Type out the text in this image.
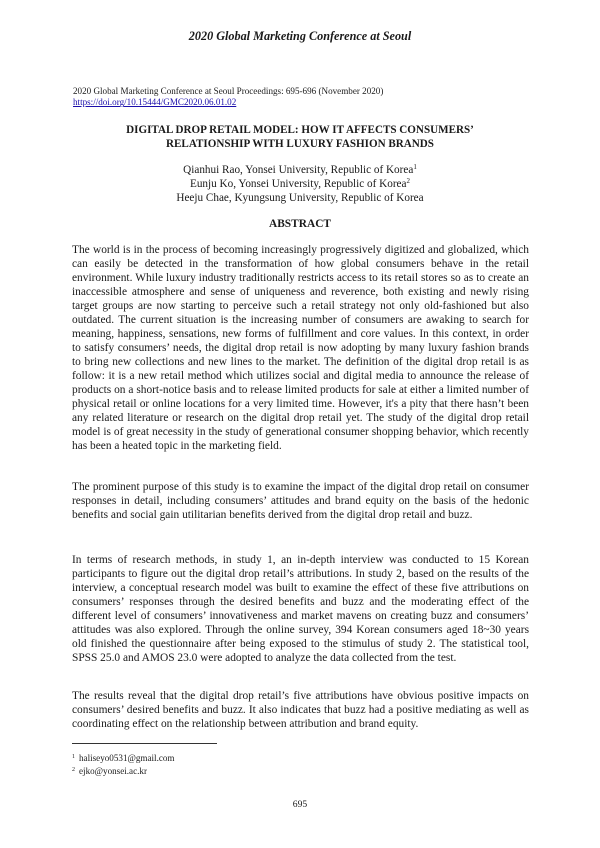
2020 Global Marketing Conference at Seoul
2020 Global Marketing Conference at Seoul Proceedings: 695-696 (November 2020)
https://doi.org/10.15444/GMC2020.06.01.02
DIGITAL DROP RETAIL MODEL: HOW IT AFFECTS CONSUMERS’
RELATIONSHIP WITH LUXURY FASHION BRANDS
Qianhui Rao, Yonsei University, Republic of Korea$^1$
Eunju Ko, Yonsei University, Republic of Korea$^2$
Heeju Chae, Kyungsung University, Republic of Korea
ABSTRACT

The world is in the process of becoming increasingly progressively digitized and globalized, which can easily be detected in the transformation of how global consumers behave in the retail environment. While luxury industry traditionally restricts access to its retail stores so as to create an inaccessible atmosphere and sense of uniqueness and reverence, both existing and newly rising target groups are now starting to perceive such a retail strategy not only old-fashioned but also outdated. The current situation is the increasing number of consumers are awaking to search for meaning, happiness, sensations, new forms of fulfillment and core values. In this context, in order to satisfy consumers’ needs, the digital drop retail is now adopting by many luxury fashion brands to bring new collections and new lines to the market. The definition of the digital drop retail is as follow: it is a new retail method which utilizes social and digital media to announce the release of products on a short-notice basis and to release limited products for sale at either a limited number of physical retail or online locations for a very limited time. However, it's a pity that there hasn’t been any related literature or research on the digital drop retail yet. The study of the digital drop retail model is of great necessity in the study of generational consumer shopping behavior, which recently has been a heated topic in the marketing field.

The prominent purpose of this study is to examine the impact of the digital drop retail on consumer responses in detail, including consumers’ attitudes and brand equity on the basis of the hedonic benefits and social gain utilitarian benefits derived from the digital drop retail and buzz.

In terms of research methods, in study 1, an in-depth interview was conducted to 15 Korean participants to figure out the digital drop retail’s attributions. In study 2, based on the results of the interview, a conceptual research model was built to examine the effect of these five attributions on consumers’ responses through the desired benefits and buzz and the moderating effect of the different level of consumers’ innovativeness and market mavens on creating buzz and consumers’ attitudes was also explored. Through the online survey, 394 Korean consumers aged 18~30 years old finished the questionnaire after being exposed to the stimulus of study 2. The statistical tool, SPSS 25.0 and AMOS 23.0 were adopted to analyze the data collected from the test.

The results reveal that the digital drop retail’s five attributions have obvious positive impacts on consumers’ desired benefits and buzz. It also indicates that buzz had a positive mediating as well as coordinating effect on the relationship between attribution and brand equity.

$^1$ haliseyo0531@gmail.com
$^2$ ejko@yonsei.ac.kr
695
